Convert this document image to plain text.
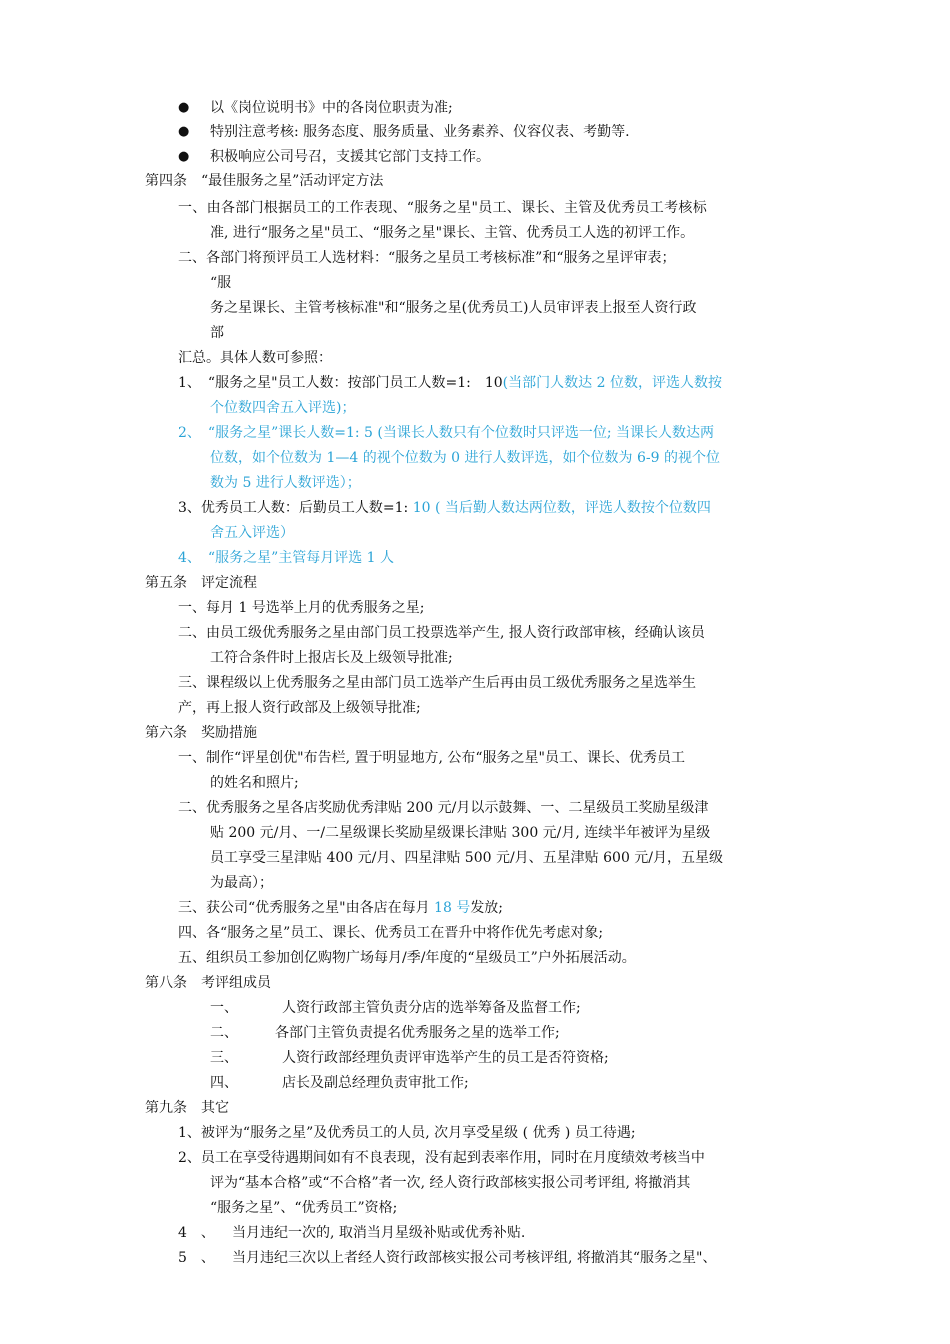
●
●
●
以《岗位说明书》中的各岗位职责为准;
特别注意考核: 服务态度、服务质量、业务素养、仪容仪表、考勤等.
积极响应公司号召，支援其它部门支持工作。
第四条　“最佳服务之星”活动评定方法
一、由各部门根据员工的工作表现、“服务之星"员工、课长、主管及优秀员工考核标
准, 进行“服务之星"员工、“服务之星"课长、主管、优秀员工人选的初评工作。
二、各部门将预评员工人选材料：“服务之星员工考核标准”和“服务之星评审表；
“服
务之星课长、主管考核标准"和“服务之星(优秀员工)人员审评表上报至人资行政
部
汇总。具体人数可参照：
1、　“服务之星"员工人数：按部门员工人数=1:　10(当部门人数达 2 位数，评选人数按
个位数四舍五入评选)；
2、　“服务之星”课长人数=1: 5 (当课长人数只有个位数时只评选一位; 当课长人数达两
位数，如个位数为 1—4 的视个位数为 0 进行人数评选，如个位数为 6-9 的视个位
数为 5 进行人数评选）；
3、优秀员工人数：后勤员工人数=1: 10 ( 当后勤人数达两位数，评选人数按个位数四
舍五入评选）
4、　“服务之星”主管每月评选 1 人
第五条　评定流程
一、每月 1 号选举上月的优秀服务之星;
二、由员工级优秀服务之星由部门员工投票选举产生, 报人资行政部审核，经确认该员
工符合条件时上报店长及上级领导批准;
三、课程级以上优秀服务之星由部门员工选举产生后再由员工级优秀服务之星选举生
产，再上报人资行政部及上级领导批准;
第六条　奖励措施
一、制作“评星创优"布告栏, 置于明显地方, 公布“服务之星"员工、课长、优秀员工
的姓名和照片;
二、优秀服务之星各店奖励优秀津贴 200 元/月以示鼓舞、一、二星级员工奖励星级津
贴 200 元/月、一/二星级课长奖励星级课长津贴 300 元/月, 连续半年被评为星级
员工享受三星津贴 400 元/月、四星津贴 500 元/月、五星津贴 600 元/月，五星级
为最高）；
三、获公司“优秀服务之星"由各店在每月 18 号发放;
四、各“服务之星”员工、课长、优秀员工在晋升中将作优先考虑对象;
五、组织员工参加创亿购物广场每月/季/年度的“星级员工”户外拓展活动。
第八条　考评组成员
一、	人资行政部主管负责分店的选举筹备及监督工作;
二、	各部门主管负责提名优秀服务之星的选举工作;
三、	人资行政部经理负责评审选举产生的员工是否符资格;
四、	店长及副总经理负责审批工作;
第九条　其它
1、被评为“服务之星”及优秀员工的人员, 次月享受星级 ( 优秀 ) 员工待遇;
2、员工在享受待遇期间如有不良表现，没有起到表率作用，同时在月度绩效考核当中
评为“基本合格”或“不合格”者一次, 经人资行政部核实报公司考评组, 将撤消其
“服务之星”、“优秀员工”资格;
4　、 当月违纪一次的, 取消当月星级补贴或优秀补贴.
5　、 当月违纪三次以上者经人资行政部核实报公司考核评组, 将撤消其“服务之星"、
